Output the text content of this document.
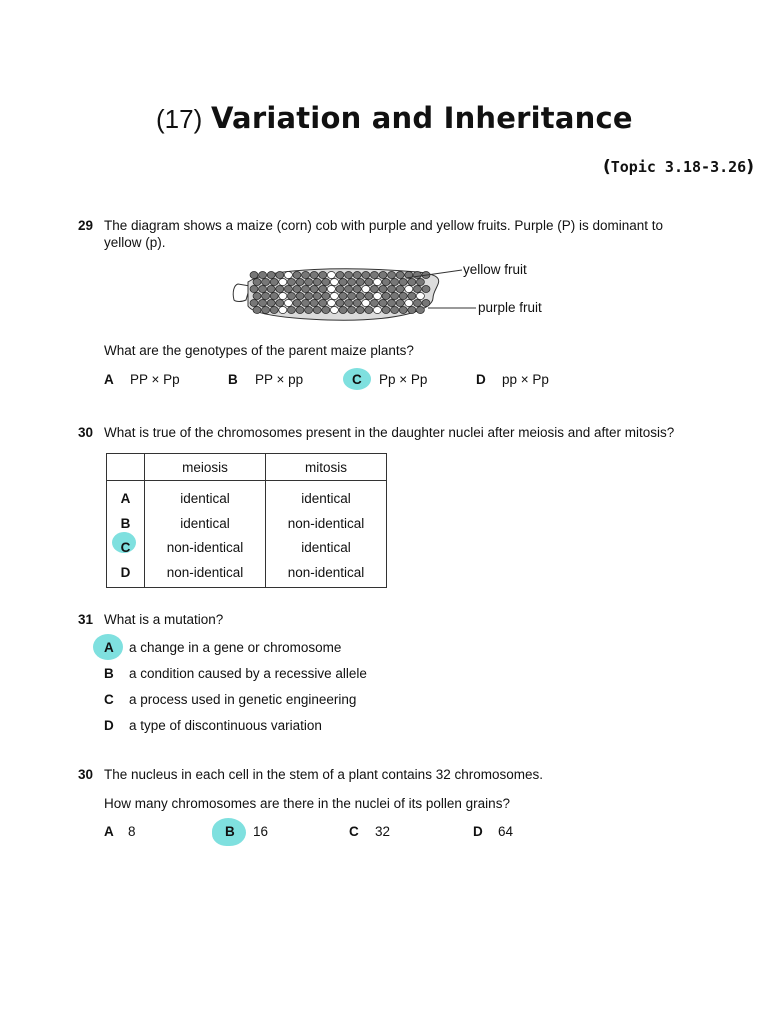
(17) Variation and Inheritance
(Topic 3.18-3.26)
29 The diagram shows a maize (corn) cob with purple and yellow fruits. Purple (P) is dominant to
yellow (p).
yellow fruit
purple fruit
What are the genotypes of the parent maize plants?
A PP × Pp	B PP × pp	C Pp × Pp	D pp × Pp
30 What is true of the chromosomes present in the daughter nuclei after meiosis and after mitosis?
	meiosis	mitosis
A	identical	identical
B	identical	non-identical
C	non-identical	identical
D	non-identical	non-identical
31 What is a mutation?
A a change in a gene or chromosome
B a condition caused by a recessive allele
C a process used in genetic engineering
D a type of discontinuous variation
30 The nucleus in each cell in the stem of a plant contains 32 chromosomes.
How many chromosomes are there in the nuclei of its pollen grains?
A 8	B 16	C 32	D 64
